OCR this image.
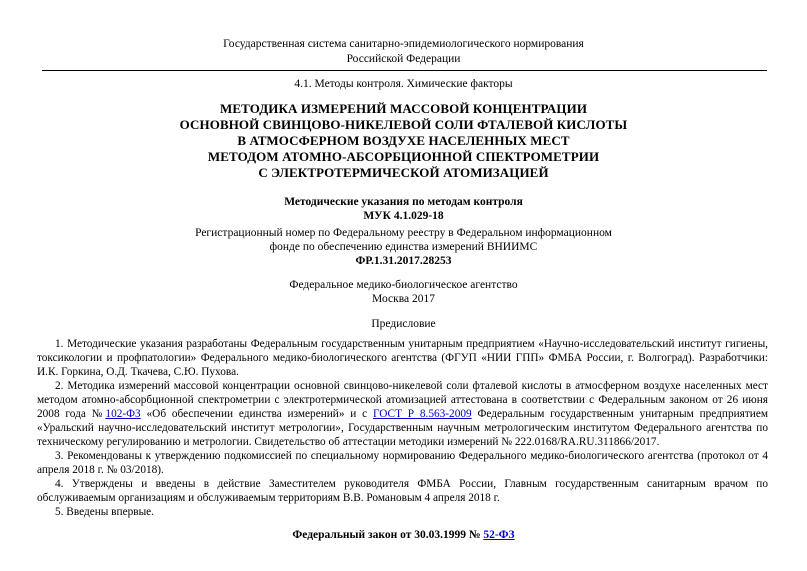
Государственная система санитарно-эпидемиологического нормирования
Российской Федерации
4.1. Методы контроля. Химические факторы
МЕТОДИКА ИЗМЕРЕНИЙ МАССОВОЙ КОНЦЕНТРАЦИИ
ОСНОВНОЙ СВИНЦОВО-НИКЕЛЕВОЙ СОЛИ ФТАЛЕВОЙ КИСЛОТЫ
В АТМОСФЕРНОМ ВОЗДУХЕ НАСЕЛЕННЫХ МЕСТ
МЕТОДОМ АТОМНО-АБСОРБЦИОННОЙ СПЕКТРОМЕТРИИ
С ЭЛЕКТРОТЕРМИЧЕСКОЙ АТОМИЗАЦИЕЙ
Методические указания по методам контроля
МУК 4.1.029-18
Регистрационный номер по Федеральному реестру в Федеральном информационном
фонде по обеспечению единства измерений ВНИИМС
ФР.1.31.2017.28253
Федеральное медико-биологическое агентство
Москва 2017
Предисловие
1. Методические указания разработаны Федеральным государственным унитарным предприятием «Научно-исследовательский институт гигиены, токсикологии и профпатологии» Федерального медико-биологического агентства (ФГУП «НИИ ГПП» ФМБА России, г. Волгоград). Разработчики: И.К. Горкина, О.Д. Ткачева, С.Ю. Пухова.
2. Методика измерений массовой концентрации основной свинцово-никелевой соли фталевой кислоты в атмосферном воздухе населенных мест методом атомно-абсорбционной спектрометрии с электротермической атомизацией аттестована в соответствии с Федеральным законом от 26 июня 2008 года №102-ФЗ «Об обеспечении единства измерений» и с ГОСТ Р 8.563-2009 Федеральным государственным унитарным предприятием «Уральский научно-исследовательский институт метрологии», Государственным научным метрологическим институтом Федерального агентства по техническому регулированию и метрологии. Свидетельство об аттестации методики измерений № 222.0168/RA.RU.311866/2017.
3. Рекомендованы к утверждению подкомиссией по специальному нормированию Федерального медико-биологического агентства (протокол от 4 апреля 2018 г. № 03/2018).
4. Утверждены и введены в действие Заместителем руководителя ФМБА России, Главным государственным санитарным врачом по обслуживаемым организациям и обслуживаемым территориям В.В. Романовым 4 апреля 2018 г.
5. Введены впервые.
Федеральный закон от 30.03.1999 № 52-ФЗ
